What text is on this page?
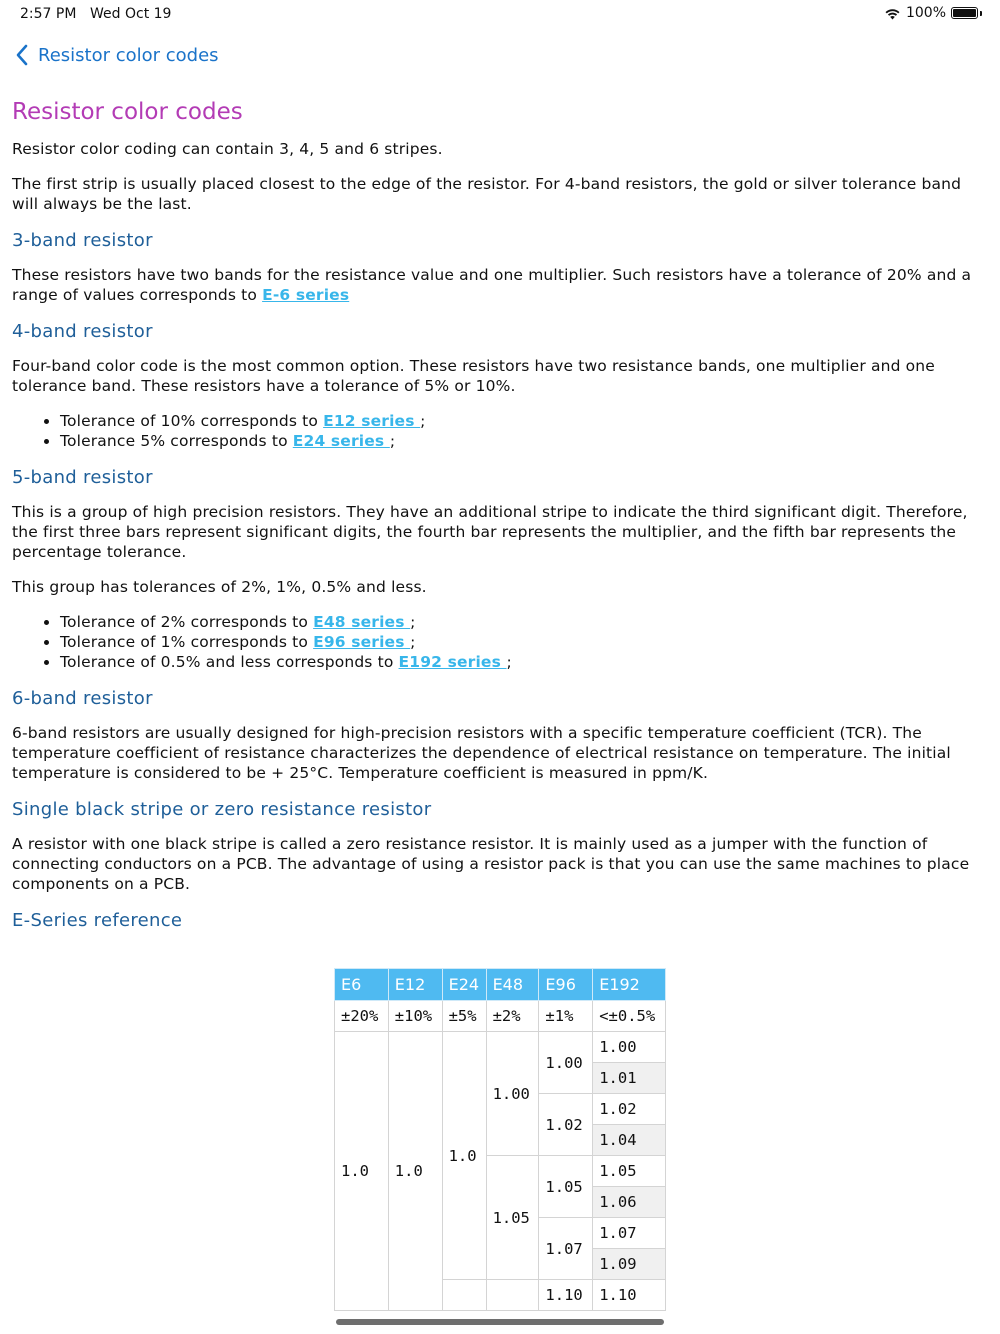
2:57 PM Wed Oct 19	100%
Resistor color codes
Resistor color codes

Resistor color coding can contain 3, 4, 5 and 6 stripes.

The first strip is usually placed closest to the edge of the resistor. For 4-band resistors, the gold or silver tolerance band will always be the last.

3-band resistor

These resistors have two bands for the resistance value and one multiplier. Such resistors have a tolerance of 20% and a range of values corresponds to E-6 series

4-band resistor

Four-band color code is the most common option. These resistors have two resistance bands, one multiplier and one tolerance band. These resistors have a tolerance of 5% or 10%.

• Tolerance of 10% corresponds to E12 series ;
• Tolerance 5% corresponds to E24 series ;
5-band resistor

This is a group of high precision resistors. They have an additional stripe to indicate the third significant digit. Therefore, the first three bars represent significant digits, the fourth bar represents the multiplier, and the fifth bar represents the percentage tolerance.

This group has tolerances of 2%, 1%, 0.5% and less.

• Tolerance of 2% corresponds to E48 series ;
• Tolerance of 1% corresponds to E96 series ;
• Tolerance of 0.5% and less corresponds to E192 series ;
6-band resistor

6-band resistors are usually designed for high-precision resistors with a specific temperature coefficient (TCR). The temperature coefficient of resistance characterizes the dependence of electrical resistance on temperature. The initial temperature is considered to be + 25°C. Temperature coefficient is measured in ppm/K.

Single black stripe or zero resistance resistor

A resistor with one black stripe is called a zero resistance resistor. It is mainly used as a jumper with the function of connecting conductors on a PCB. The advantage of using a resistor pack is that you can use the same machines to place components on a PCB.

E-Series reference
E6	E12	E24	E48	E96	E192
±20%	±10%	±5%	±2%	±1%	<±0.5%
1.0	1.0	1.0	1.00	1.00	1.00
					1.01
				1.02	1.02
					1.04
			1.05	1.05	1.05
					1.06
				1.07	1.07
					1.09
				1.10	1.10
